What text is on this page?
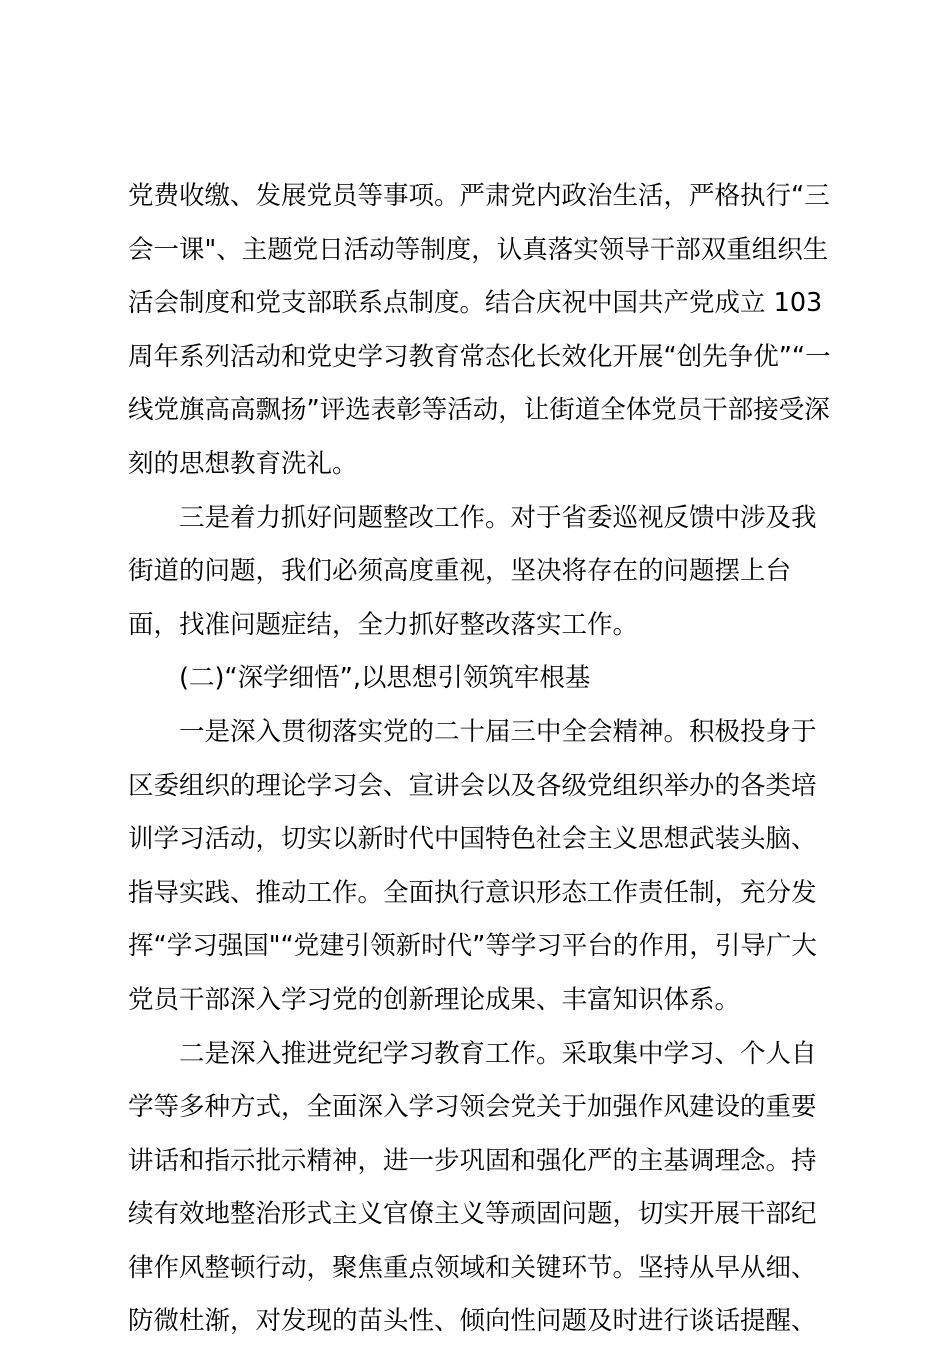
党费收缴、发展党员等事项。严肃党内政治生活，严格执行“三
会一课"、主题党日活动等制度，认真落实领导干部双重组织生
活会制度和党支部联系点制度。结合庆祝中国共产党成立 103
周年系列活动和党史学习教育常态化长效化开展“创先争优”“一
线党旗高高飘扬”评选表彰等活动，让街道全体党员干部接受深
刻的思想教育洗礼。

三是着力抓好问题整改工作。对于省委巡视反馈中涉及我
街道的问题，我们必须高度重视，坚决将存在的问题摆上台
面，找准问题症结，全力抓好整改落实工作。

(二)“深学细悟”,以思想引领筑牢根基

一是深入贯彻落实党的二十届三中全会精神。积极投身于
区委组织的理论学习会、宣讲会以及各级党组织举办的各类培
训学习活动，切实以新时代中国特色社会主义思想武装头脑、
指导实践、推动工作。全面执行意识形态工作责任制，充分发
挥“学习强国"“党建引领新时代”等学习平台的作用，引导广大
党员干部深入学习党的创新理论成果、丰富知识体系。

二是深入推进党纪学习教育工作。采取集中学习、个人自
学等多种方式，全面深入学习领会党关于加强作风建设的重要
讲话和指示批示精神，进一步巩固和强化严的主基调理念。持
续有效地整治形式主义官僚主义等顽固问题，切实开展干部纪
律作风整顿行动，聚焦重点领域和关键环节。坚持从早从细、
防微杜渐，对发现的苗头性、倾向性问题及时进行谈话提醒、
